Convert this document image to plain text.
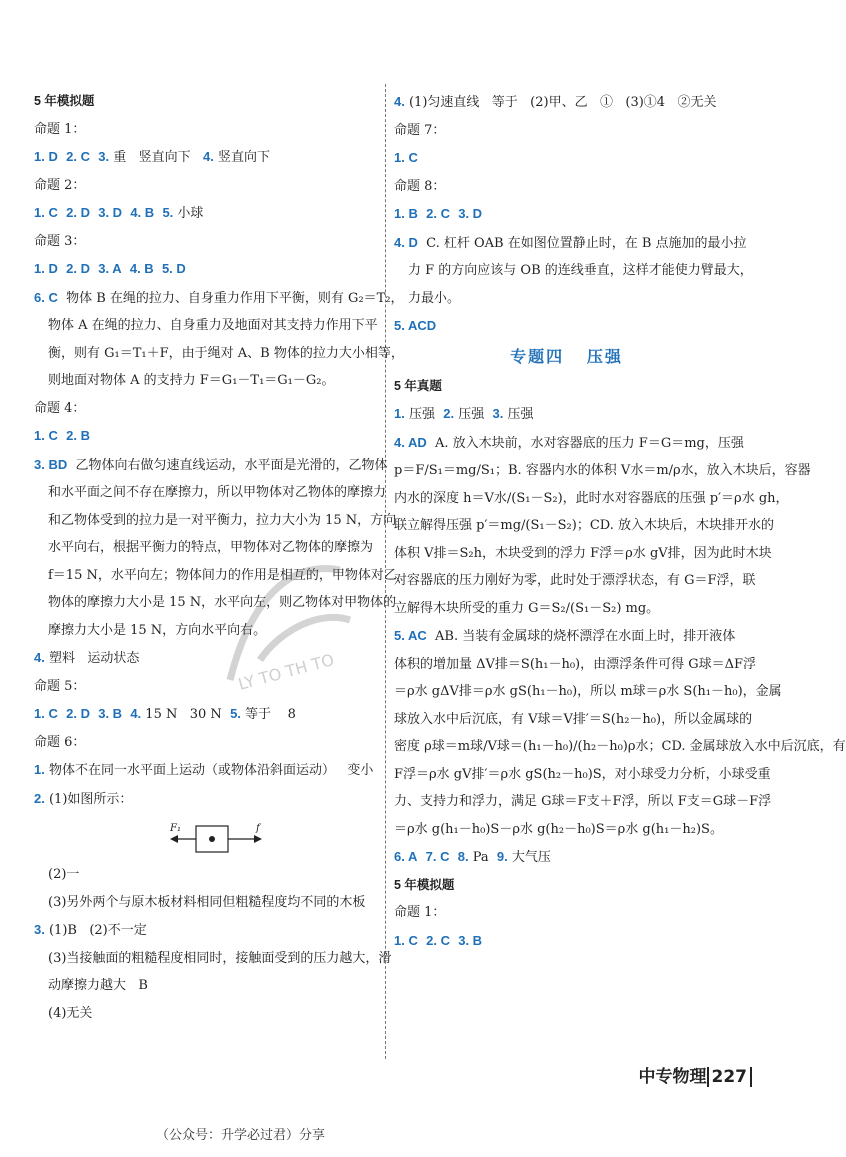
5 年模拟题
命题 1：
1. D 2. C 3. 重   竖直向下   4. 竖直向下
命题 2：
1. C 2. D 3. D 4. B 5. 小球
命题 3：
1. D 2. D 3. A 4. B 5. D
6. C  物体 B 在绳的拉力、自身重力作用下平衡，则有 G₂＝T₂，
物体 A 在绳的拉力、自身重力及地面对其支持力作用下平
衡，则有 G₁＝T₁＋F，由于绳对 A、B 物体的拉力大小相等，
则地面对物体 A 的支持力 F＝G₁－T₁＝G₁－G₂。
命题 4：
1. C 2. B
3. BD  乙物体向右做匀速直线运动，水平面是光滑的，乙物体
和水平面之间不存在摩擦力，所以甲物体对乙物体的摩擦力
和乙物体受到的拉力是一对平衡力，拉力大小为 15 N，方向
水平向右，根据平衡力的特点，甲物体对乙物体的摩擦为
f＝15 N，水平向左；物体间力的作用是相互的，甲物体对乙
物体的摩擦力大小是 15 N，水平向左，则乙物体对甲物体的
摩擦力大小是 15 N，方向水平向右。
4. 塑料   运动状态
命题 5：
1. C 2. D 3. B 4. 15 N   30 N  5. 等于    8
命题 6：
1. 物体不在同一水平面上运动（或物体沿斜面运动）   变小
2. (1)如图所示：
F₁	f
(2)一
(3)另外两个与原木板材料相同但粗糙程度均不同的木板
3. (1)B   (2)不一定
(3)当接触面的粗糙程度相同时，接触面受到的压力越大，滑
动摩擦力越大   B
(4)无关
4. (1)匀速直线   等于   (2)甲、乙   ①   (3)①4   ②无关
命题 7：
1. C
命题 8：
1. B 2. C 3. D
4. D  C. 杠杆 OAB 在如图位置静止时，在 B 点施加的最小拉
力 F 的方向应该与 OB 的连线垂直，这样才能使力臂最大，
力最小。
5. ACD
专题四   压强
5 年真题
1. 压强  2. 压强  3. 压强
4. AD  A. 放入木块前，水对容器底的压力 F＝G＝mg，压强
p＝F/S₁＝mg/S₁；B. 容器内水的体积 V水＝m/ρ水，放入木块后，容器
内水的深度 h＝V水/(S₁－S₂)，此时水对容器底的压强 p′＝ρ水 gh，
联立解得压强 p′＝mg/(S₁－S₂)；CD. 放入木块后，木块排开水的
体积 V排＝S₂h，木块受到的浮力 F浮＝ρ水 gV排，因为此时木块
对容器底的压力刚好为零，此时处于漂浮状态，有 G＝F浮，联
立解得木块所受的重力 G＝S₂/(S₁－S₂) mg。
5. AC  AB. 当装有金属球的烧杯漂浮在水面上时，排开液体
体积的增加量 ΔV排＝S(h₁－h₀)，由漂浮条件可得 G球＝ΔF浮
＝ρ水 gΔV排＝ρ水 gS(h₁－h₀)，所以 m球＝ρ水 S(h₁－h₀)，金属
球放入水中后沉底，有 V球＝V排′＝S(h₂－h₀)，所以金属球的
密度 ρ球＝m球/V球＝(h₁－h₀)/(h₂－h₀)ρ水；CD. 金属球放入水中后沉底，有
F浮＝ρ水 gV排′＝ρ水 gS(h₂－h₀)S，对小球受力分析，小球受重
力、支持力和浮力，满足 G球＝F支＋F浮，所以 F支＝G球－F浮
＝ρ水 g(h₁－h₀)S－ρ水 g(h₂－h₀)S＝ρ水 g(h₁－h₂)S。
6. A 7. C 8. Pa  9. 大气压
5 年模拟题
命题 1：
1. C 2. C 3. B
LY TO TH TO
中专物理 227
（公众号：升学必过君）分享
